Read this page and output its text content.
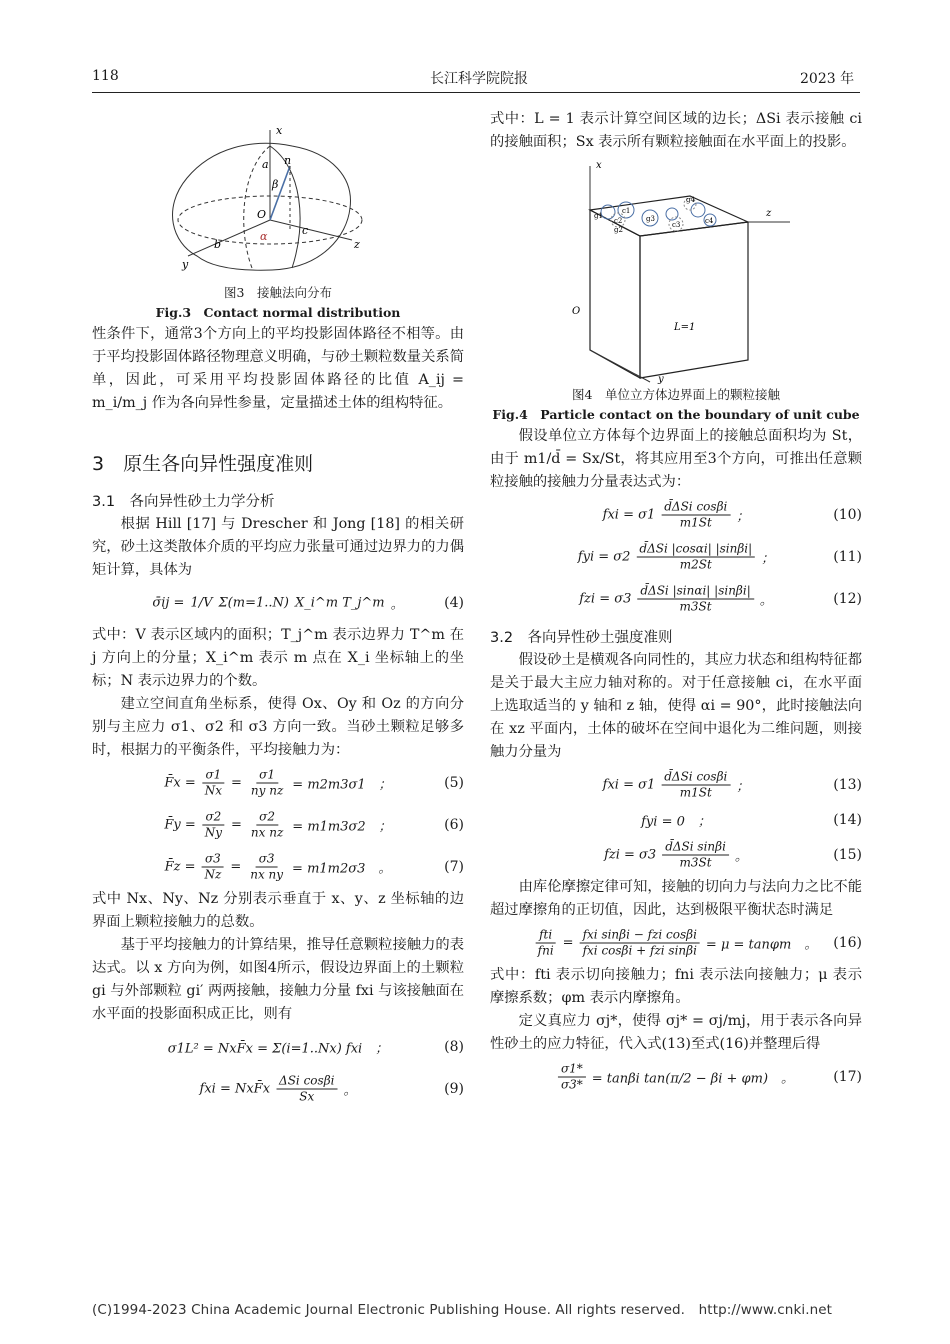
118	长江科学院院报	2023 年
x
y
z
a
b
c
n
O
β
α
图3　接触法向分布
Fig.3　Contact normal distribution
性条件下，通常3个方向上的平均投影固体路径不相等。由于平均投影固体路径物理意义明确，与砂土颗粒数量关系简单，因此，可采用平均投影固体路径的比值 A_ij = m_i/m_j 作为各向异性参量，定量描述土体的组构特征。
3　原生各向异性强度准则
3.1　各向异性砂土力学分析
根据 Hill [17] 与 Drescher 和 Jong [18] 的相关研究，砂土这类散体介质的平均应力张量可通过边界力的力偶矩计算，具体为
σ̄ij = 1/V Σ(m=1..N) X_i^m T_j^m 。	(4)
式中：V 表示区域内的面积；T_j^m 表示边界力 T^m 在 j 方向上的分量；X_i^m 表示 m 点在 X_i 坐标轴上的坐标；N 表示边界力的个数。
建立空间直角坐标系，使得 Ox、Oy 和 Oz 的方向分别与主应力 σ1、σ2 和 σ3 方向一致。当砂土颗粒足够多时，根据力的平衡条件，平均接触力为：
F̄x = $\frac{\sigma 1}{Nx} = \frac{\sigma 1}{\text{ny nz}} = m2m3\sigma 1$　；	(5)
F̄y = $\frac{\sigma 2}{Ny} = \frac{\sigma 2}{\text{nx nz}} = m1m3\sigma 2$　；	(6)
F̄z = $\frac{\sigma 3}{Nz} = \frac{\sigma 3}{\text{nx ny}} = m1m2\sigma 3$　。	(7)
式中 Nx、Ny、Nz 分别表示垂直于 x、y、z 坐标轴的边界面上颗粒接触力的总数。
基于平均接触力的计算结果，推导任意颗粒接触力的表达式。以 x 方向为例，如图4所示，假设边界面上的土颗粒 gi 与外部颗粒 gi′ 两两接触，接触力分量 fxi 与该接触面在水平面的投影面积成正比，则有
σ1L² = NxF̄x = Σ(i=1..Nx) fxi　；	(8)
fxi = NxF̄x $\frac{\text{ΔSi cosβi}}{Sx}$ 。	(9)
式中：L = 1 表示计算空间区域的边长；ΔSi 表示接触 ci 的接触面积；Sx 表示所有颗粒接触面在水平面上的投影。
x
z
y
O
L=1
g1
g2
g3
g4
c1
c2	c3	c4
图4　单位立方体边界面上的颗粒接触
Fig.4　Particle contact on the boundary of unit cube
假设单位立方体每个边界面上的接触总面积均为 St，由于 m1/d̄ = Sx/St，将其应用至3个方向，可推出任意颗粒接触的接触力分量表达式为：
fxi = $\sigma 1 \frac{\text{d̄ΔSi cosβi}}{m1St}$ ；	(10)
fyi = $\sigma 2 \frac{\text{d̄ΔSi |cosαi| |sinβi|}}{m2St}$ ；	(11)
fzi = $\sigma 3 \frac{\text{d̄ΔSi |sinαi| |sinβi|}}{m3St}$ 。	(12)
3.2　各向异性砂土强度准则
假设砂土是横观各向同性的，其应力状态和组构特征都是关于最大主应力轴对称的。对于任意接触 ci，在水平面上选取适当的 y 轴和 z 轴，使得 αi = 90°，此时接触法向在 xz 平面内，土体的破坏在空间中退化为二维问题，则接触力分量为
fxi = $\sigma 1 \frac{\text{d̄ΔSi cosβi}}{m1St}$ ；	(13)
fyi = 0　；	(14)
fzi = $\sigma 3 \frac{\text{d̄ΔSi sinβi}}{m3St}$ 。	(15)
由库伦摩擦定律可知，接触的切向力与法向力之比不能超过摩擦角的正切值，因此，达到极限平衡状态时满足
$\frac{\text{fti}}{\text{fni}} = \frac{\text{fxi sinβi − fzi cosβi}}{\text{fxi cosβi + fzi sinβi}} = \mu = \tan\varphi m$　。 (16)
式中：fti 表示切向接触力；fni 表示法向接触力；μ 表示摩擦系数；φm 表示内摩擦角。
定义真应力 σj*，使得 σj* = σj/mj，用于表示各向异性砂土的应力特征，代入式(13)至式(16)并整理后得
$\frac{\sigma 1*}{\sigma 3*} = \tan\beta i$ tan(π/2 − βi + φm)　。	(17)
(C)1994-2023 China Academic Journal Electronic Publishing House. All rights reserved.　http://www.cnki.net
